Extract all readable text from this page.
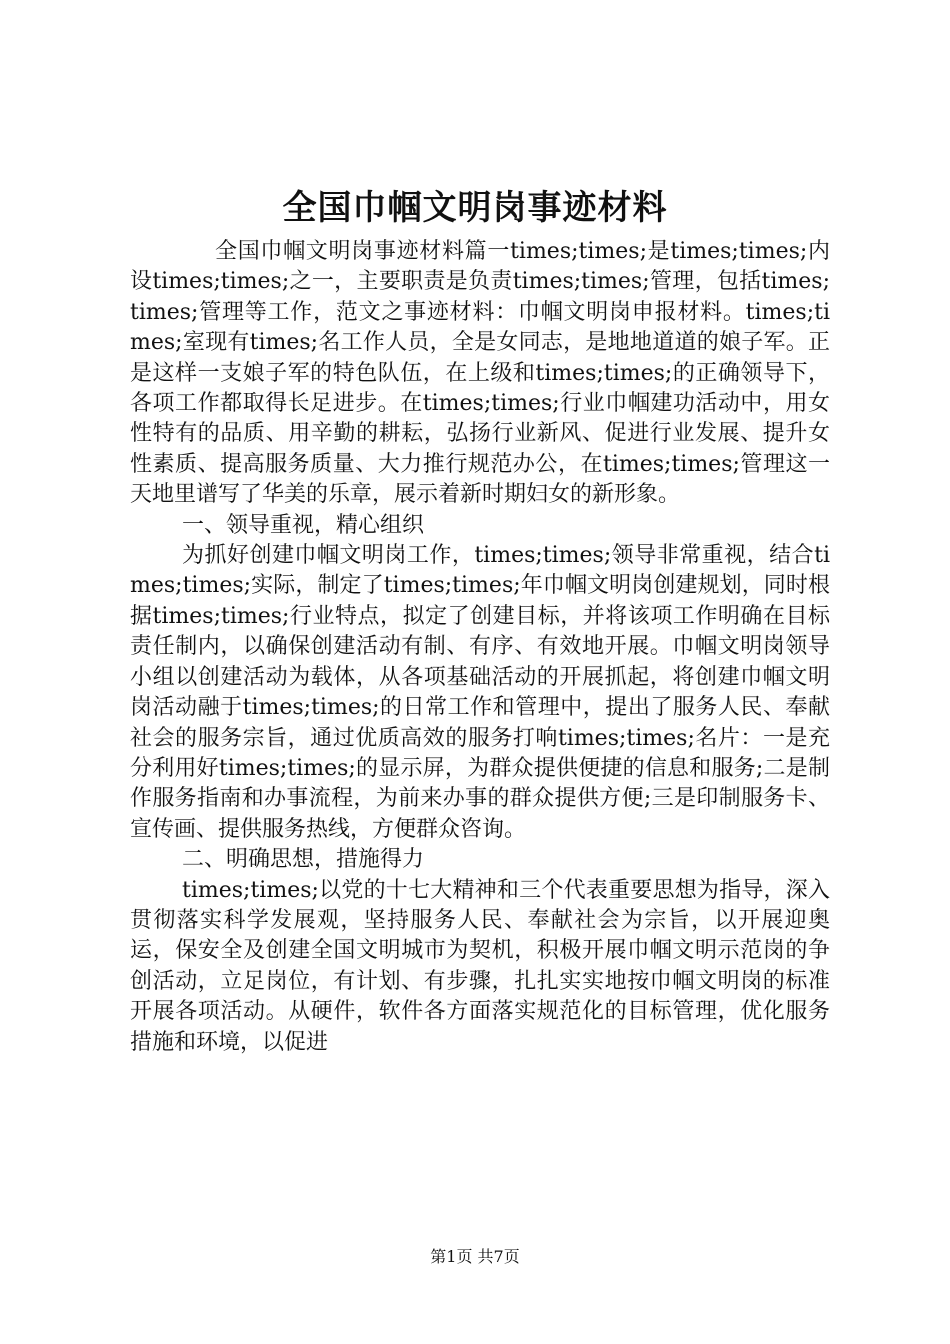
全国巾帼文明岗事迹材料

全国巾帼文明岗事迹材料篇一times;times;是times;times;内设times;times;之一，主要职责是负责times;times;管理，包括times;times;管理等工作，范文之事迹材料：巾帼文明岗申报材料。times;times;室现有times;名工作人员，全是女同志，是地地道道的娘子军。正是这样一支娘子军的特色队伍，在上级和times;times;的正确领导下，各项工作都取得长足进步。在times;times;行业巾帼建功活动中，用女性特有的品质、用辛勤的耕耘，弘扬行业新风、促进行业发展、提升女性素质、提高服务质量、大力推行规范办公，在times;times;管理这一天地里谱写了华美的乐章，展示着新时期妇女的新形象。

一、领导重视，精心组织

为抓好创建巾帼文明岗工作，times;times;领导非常重视，结合times;times;实际，制定了times;times;年巾帼文明岗创建规划，同时根据times;times;行业特点，拟定了创建目标，并将该项工作明确在目标责任制内，以确保创建活动有制、有序、有效地开展。巾帼文明岗领导小组以创建活动为载体，从各项基础活动的开展抓起，将创建巾帼文明岗活动融于times;times;的日常工作和管理中，提出了服务人民、奉献社会的服务宗旨，通过优质高效的服务打响times;times;名片：一是充分利用好times;times;的显示屏，为群众提供便捷的信息和服务;二是制作服务指南和办事流程，为前来办事的群众提供方便;三是印制服务卡、宣传画、提供服务热线，方便群众咨询。

二、明确思想，措施得力

times;times;以党的十七大精神和三个代表重要思想为指导，深入贯彻落实科学发展观，坚持服务人民、奉献社会为宗旨，以开展迎奥运，保安全及创建全国文明城市为契机，积极开展巾帼文明示范岗的争创活动，立足岗位，有计划、有步骤，扎扎实实地按巾帼文明岗的标准开展各项活动。从硬件，软件各方面落实规范化的目标管理，优化服务措施和环境，以促进

第1页 共7页
